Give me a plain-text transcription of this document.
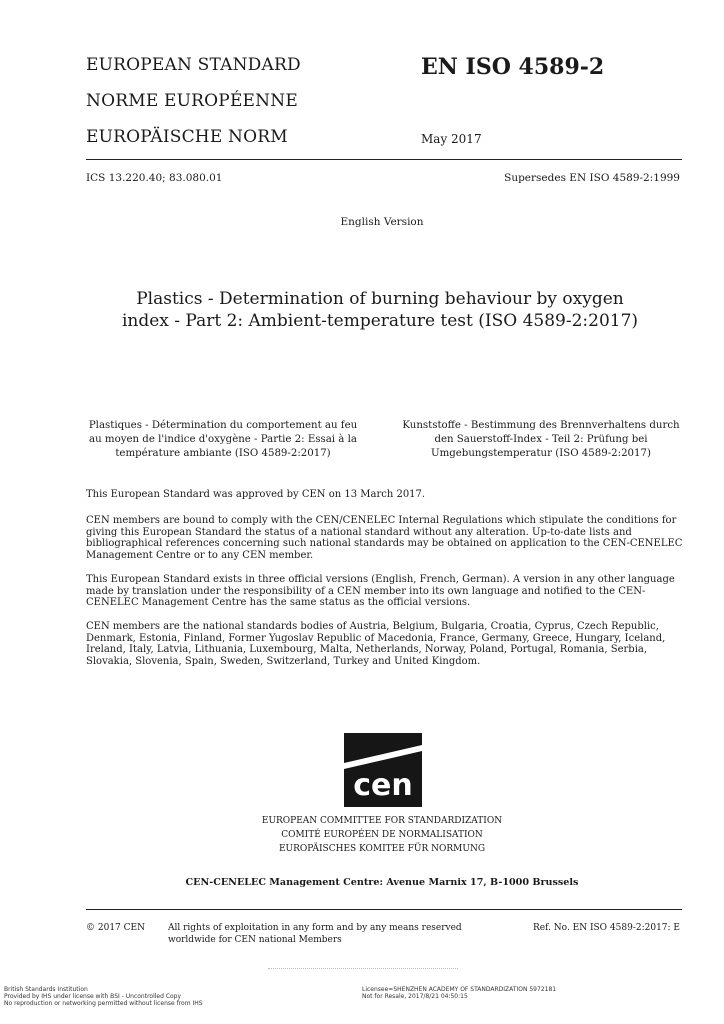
EUROPEAN STANDARD
NORME EUROPÉENNE
EUROPÄISCHE NORM
EN ISO 4589-2
May 2017
ICS 13.220.40; 83.080.01	Supersedes EN ISO 4589-2:1999
English Version
Plastics - Determination of burning behaviour by oxygen index - Part 2: Ambient-temperature test (ISO 4589-2:2017)
Plastiques - Détermination du comportement au feu au moyen de l'indice d'oxygène - Partie 2: Essai à la température ambiante (ISO 4589-2:2017)
Kunststoffe - Bestimmung des Brennverhaltens durch den Sauerstoff-Index - Teil 2: Prüfung bei Umgebungstemperatur (ISO 4589-2:2017)
This European Standard was approved by CEN on 13 March 2017.
CEN members are bound to comply with the CEN/CENELEC Internal Regulations which stipulate the conditions for giving this European Standard the status of a national standard without any alteration. Up-to-date lists and bibliographical references concerning such national standards may be obtained on application to the CEN-CENELEC Management Centre or to any CEN member.
This European Standard exists in three official versions (English, French, German). A version in any other language made by translation under the responsibility of a CEN member into its own language and notified to the CEN-CENELEC Management Centre has the same status as the official versions.
CEN members are the national standards bodies of Austria, Belgium, Bulgaria, Croatia, Cyprus, Czech Republic, Denmark, Estonia, Finland, Former Yugoslav Republic of Macedonia, France, Germany, Greece, Hungary, Iceland, Ireland, Italy, Latvia, Lithuania, Luxembourg, Malta, Netherlands, Norway, Poland, Portugal, Romania, Serbia, Slovakia, Slovenia, Spain, Sweden, Switzerland, Turkey and United Kingdom.
cen
EUROPEAN COMMITTEE FOR STANDARDIZATION
COMITÉ EUROPÉEN DE NORMALISATION
EUROPÄISCHES KOMITEE FÜR NORMUNG
CEN-CENELEC Management Centre: Avenue Marnix 17, B-1000 Brussels
© 2017 CEN	All rights of exploitation in any form and by any means reserved
worldwide for CEN national Members
Ref. No. EN ISO 4589-2:2017: E
British Standards Institution
Provided by IHS under license with BSI - Uncontrolled Copy
No reproduction or networking permitted without license from IHS
Licensee=SHENZHEN ACADEMY OF STANDARDIZATION 5972181
Not for Resale, 2017/8/21 04:50:15
